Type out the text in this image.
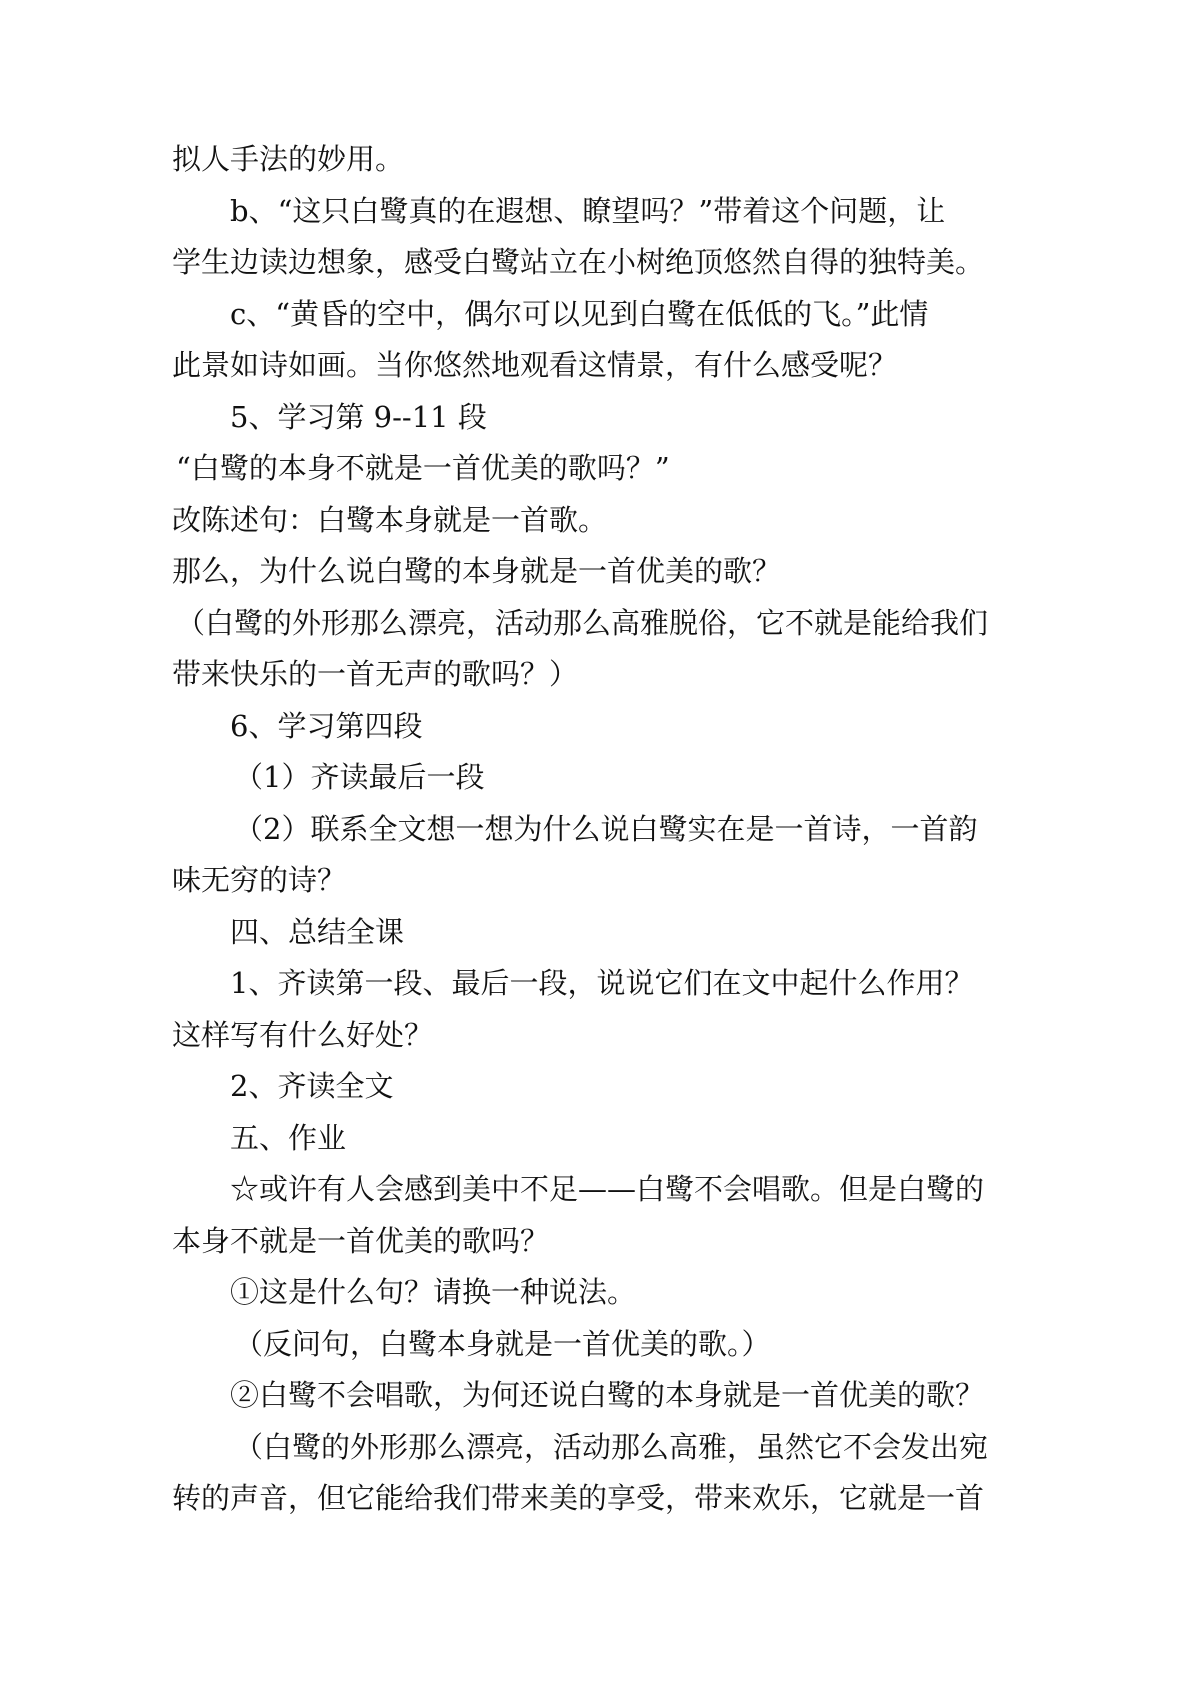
拟人手法的妙用。
b、“这只白鹭真的在遐想、瞭望吗？”带着这个问题，让
学生边读边想象，感受白鹭站立在小树绝顶悠然自得的独特美。
c、“黄昏的空中，偶尔可以见到白鹭在低低的飞。”此情
此景如诗如画。当你悠然地观看这情景，有什么感受呢？
5、学习第 9--11 段
“白鹭的本身不就是一首优美的歌吗？”
改陈述句：白鹭本身就是一首歌。
那么，为什么说白鹭的本身就是一首优美的歌？
（白鹭的外形那么漂亮，活动那么高雅脱俗，它不就是能给我们
带来快乐的一首无声的歌吗？）
6、学习第四段
（1）齐读最后一段
（2）联系全文想一想为什么说白鹭实在是一首诗，一首韵
味无穷的诗？
四、总结全课
1、齐读第一段、最后一段，说说它们在文中起什么作用？
这样写有什么好处？
2、齐读全文
五、作业
☆或许有人会感到美中不足——白鹭不会唱歌。但是白鹭的
本身不就是一首优美的歌吗？
①这是什么句？请换一种说法。
（反问句，白鹭本身就是一首优美的歌。）
②白鹭不会唱歌，为何还说白鹭的本身就是一首优美的歌？
（白鹭的外形那么漂亮，活动那么高雅，虽然它不会发出宛
转的声音，但它能给我们带来美的享受，带来欢乐，它就是一首
